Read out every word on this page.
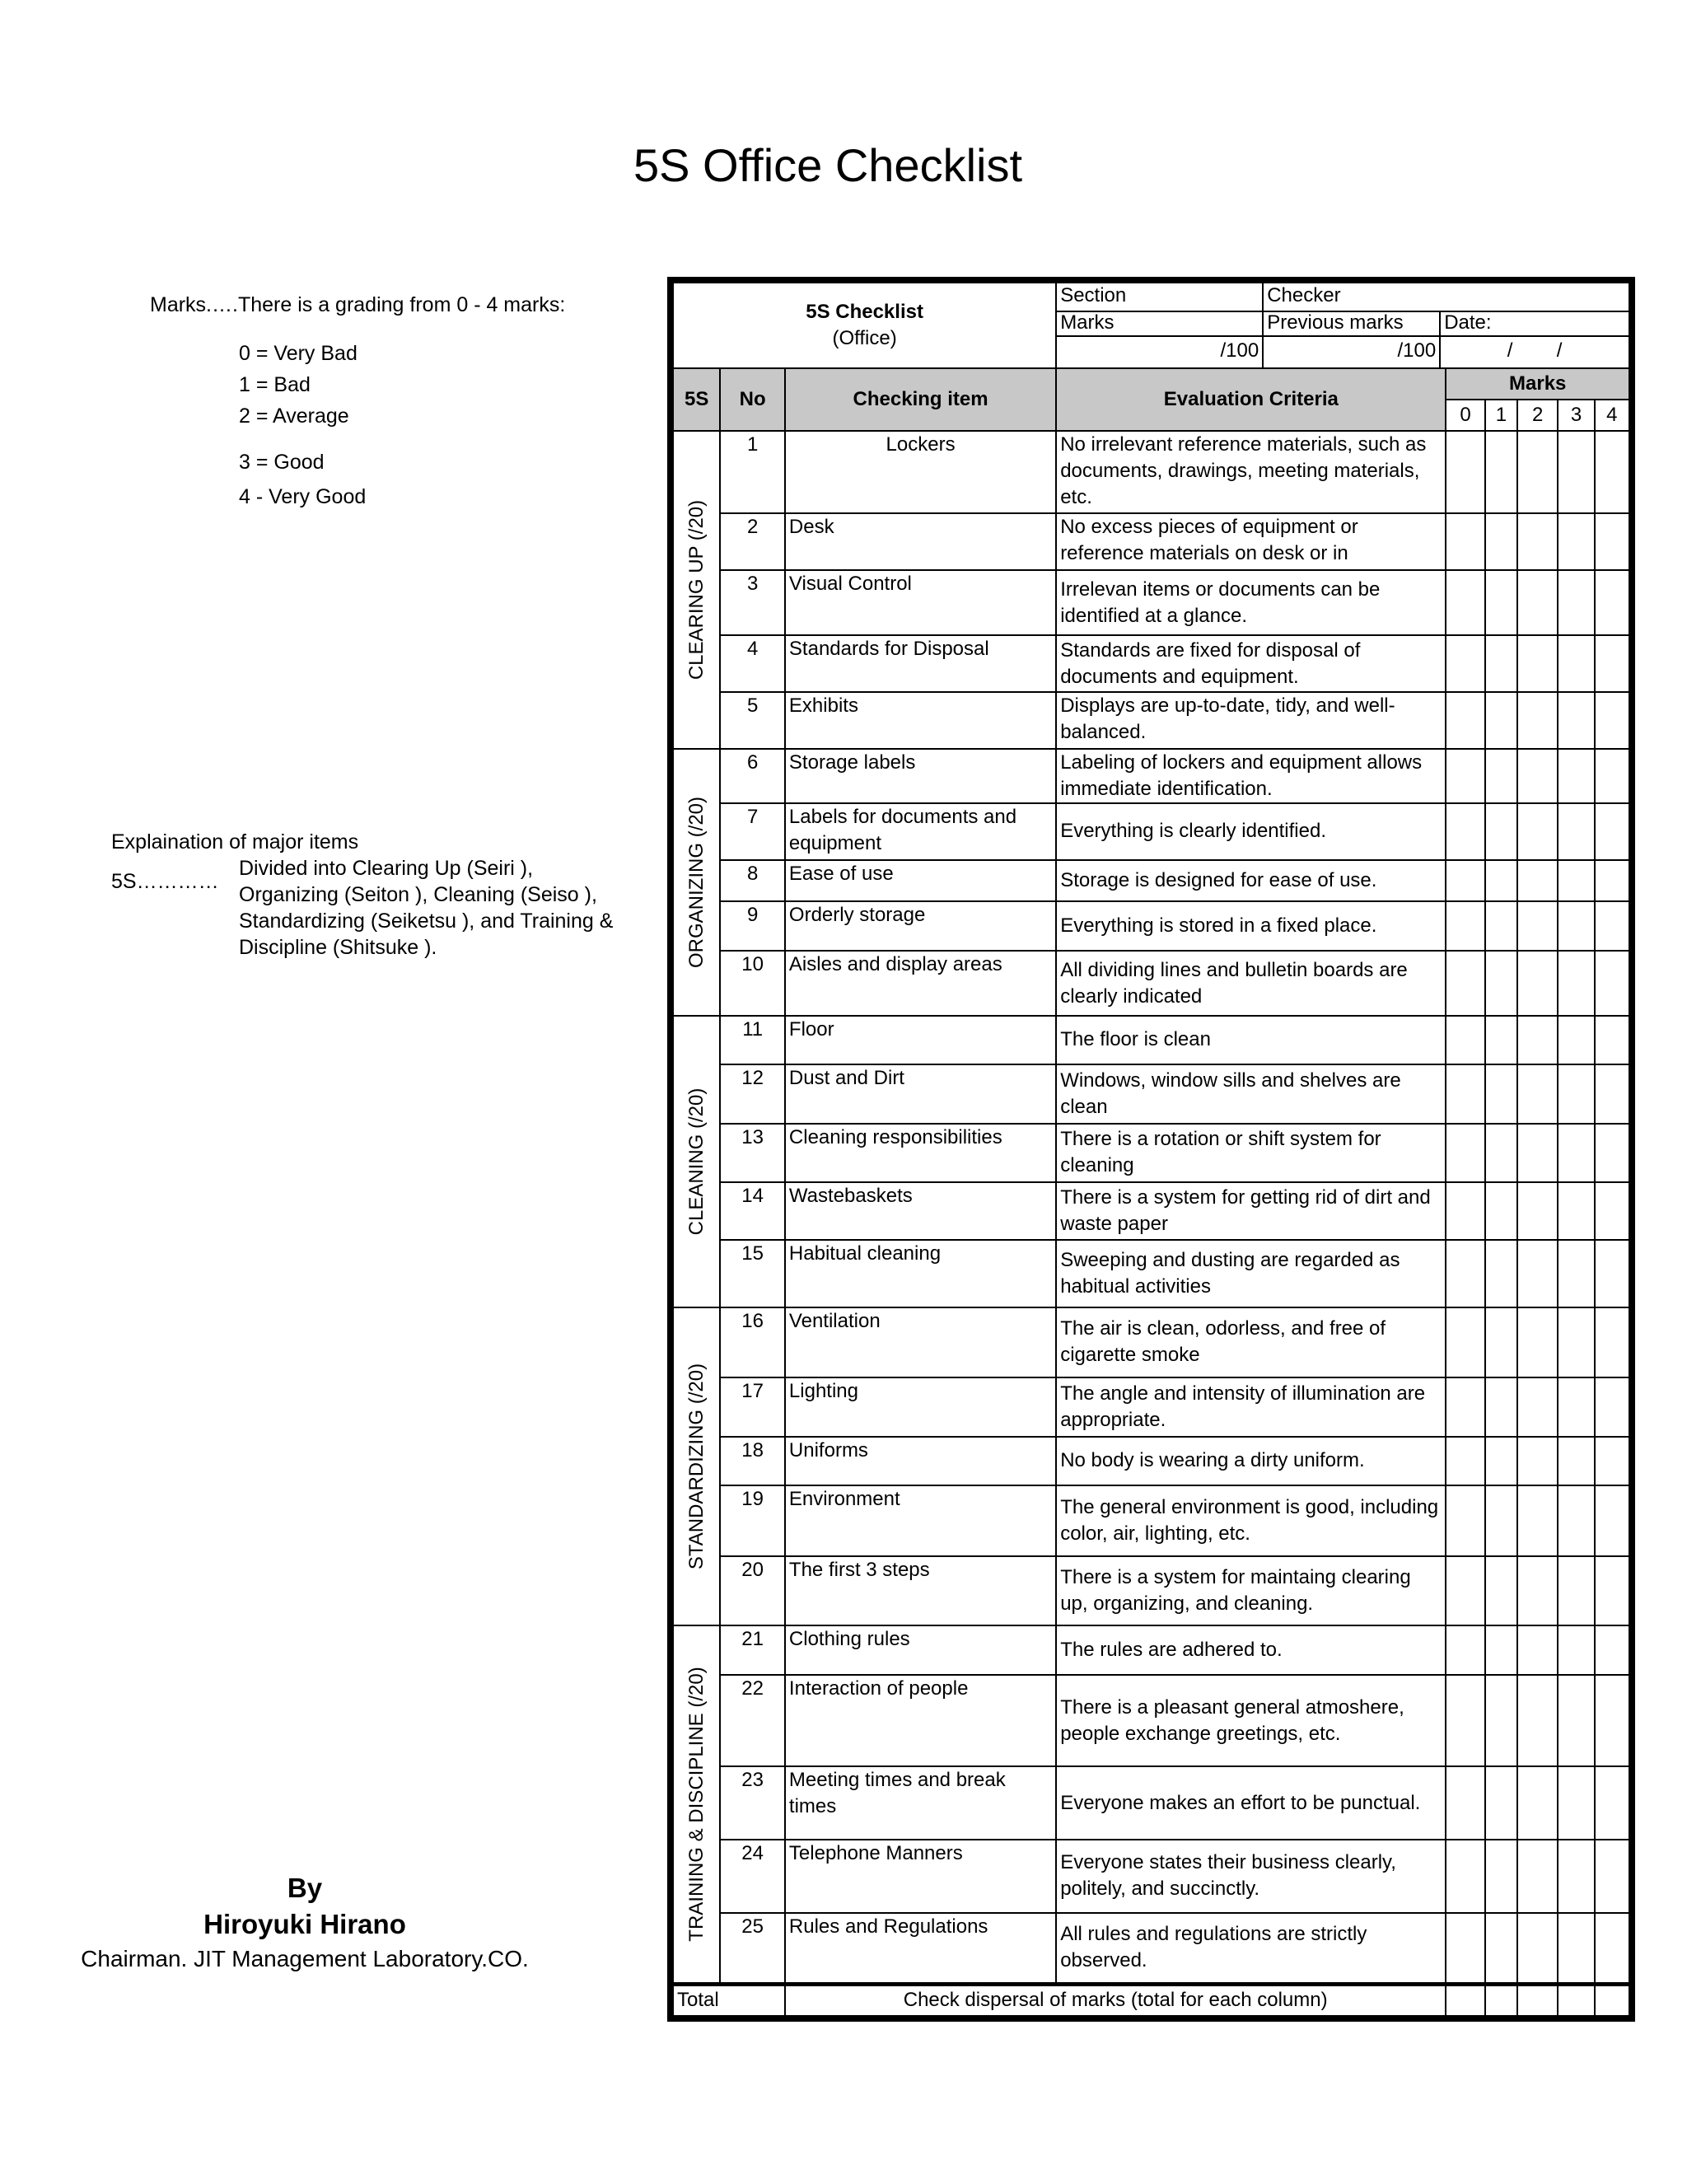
5S Office Checklist
Marks.….There is a grading from 0 - 4 marks:
0 = Very Bad
1 = Bad
2 = Average
3 = Good
4 - Very Good
Explaination of major items
5S…………
Divided into Clearing Up (Seiri ),
Organizing (Seiton ), Cleaning (Seiso ),
Standardizing (Seiketsu ), and Training &
Discipline (Shitsuke ).
By
Hiroyuki Hirano
Chairman. JIT Management Laboratory.CO.
5S Checklist
(Office)

Section	Checker
Marks	Previous marks	Date:
/100	/100	/        /

5S	No	Checking item	Evaluation Criteria	Marks
0	1	2	3	4

CLEARING UP (/20)
	1	Lockers	No irrelevant reference materials, such as documents, drawings, meeting materials, etc.					
2	Desk	No excess pieces of equipment or reference materials on desk or in					
3	Visual Control	Irrelevan items or documents can be identified at a glance.					
4	Standards for Disposal	Standards are fixed for disposal of documents and equipment.					
5	Exhibits	Displays are up-to-date, tidy, and well-balanced.					

ORGANIZING (/20)
	6	Storage labels	Labeling of lockers and equipment allows immediate identification.					
7	Labels for documents and equipment	Everything is clearly identified.					
8	Ease of use	Storage is designed for ease of use.					
9	Orderly storage	Everything is stored in a fixed place.					
10	Aisles and display areas	All dividing lines and bulletin boards are clearly indicated					

CLEANING (/20)
	11	Floor	The floor is clean					
12	Dust and Dirt	Windows, window sills and shelves are clean					
13	Cleaning responsibilities	There is a rotation or shift system for cleaning					
14	Wastebaskets	There is a system for getting rid of dirt and waste paper					
15	Habitual cleaning	Sweeping and dusting are regarded as habitual activities					

STANDARDIZING (/20)
	16	Ventilation	The air is clean, odorless, and free of cigarette smoke					
17	Lighting	The angle and intensity of illumination are appropriate.					
18	Uniforms	No body is wearing a dirty uniform.					
19	Environment	The general environment is good, including color, air, lighting, etc.					
20	The first 3 steps	There is a system for maintaing clearing up, organizing, and cleaning.					

TRAINING & DISCIPLINE (/20)
	21	Clothing rules	The rules are adhered to.					
22	Interaction of people	There is a pleasant general atmoshere, people exchange greetings, etc.					
23	Meeting times and break times	Everyone makes an effort to be punctual.					
24	Telephone Manners	Everyone states their business clearly, politely, and succinctly.					
25	Rules and Regulations	All rules and regulations are strictly observed.					
Total	Check dispersal of marks (total for each column)					
